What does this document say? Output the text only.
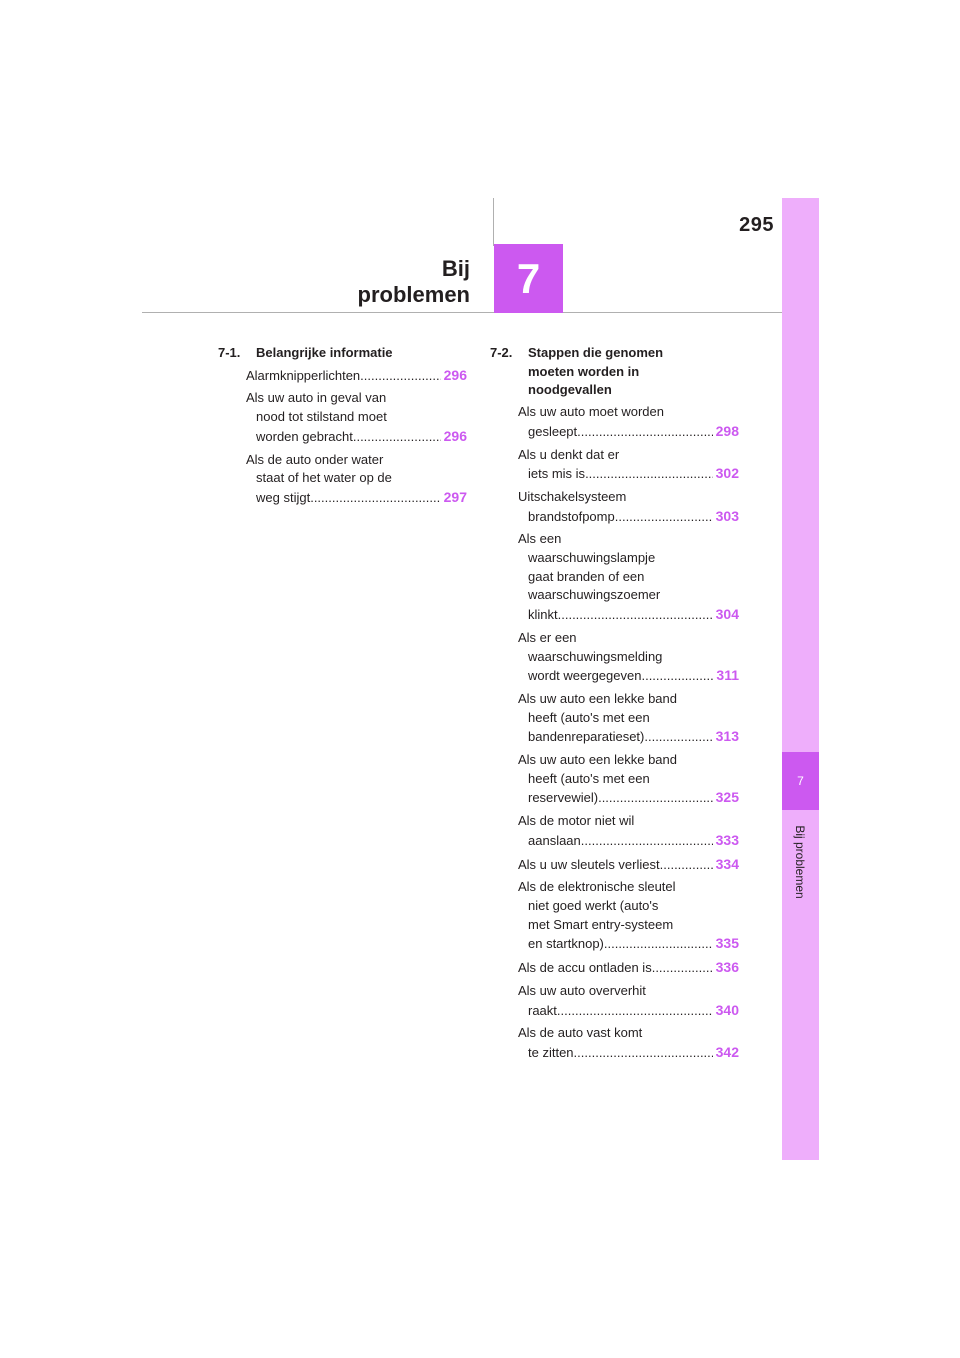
295
Bij problemen	7
7
Bij problemen
7-1.	Belangrijke informatie
Alarmknipperlichten .....	296
Als uw auto in geval van
nood tot stilstand moet
worden gebracht .....	296
Als de auto onder water
staat of het water op de
weg stijgt .....	297
7-2.	Stappen die genomen
moeten worden in
noodgevallen
Als uw auto moet worden
gesleept .....	298
Als u denkt dat er
iets mis is .....	302
Uitschakelsysteem
brandstofpomp .....	303
Als een
waarschuwingslampje
gaat branden of een
waarschuwingszoemer
klinkt .....	304
Als er een
waarschuwingsmelding
wordt weergegeven .....	311
Als uw auto een lekke band
heeft (auto's met een
bandenreparatieset) .....	313
Als uw auto een lekke band
heeft (auto's met een
reservewiel) .....	325
Als de motor niet wil
aanslaan .....	333
Als u uw sleutels verliest .....	334
Als de elektronische sleutel
niet goed werkt (auto's
met Smart entry-systeem
en startknop) .....	335
Als de accu ontladen is .....	336
Als uw auto oververhit
raakt .....	340
Als de auto vast komt
te zitten .....	342
